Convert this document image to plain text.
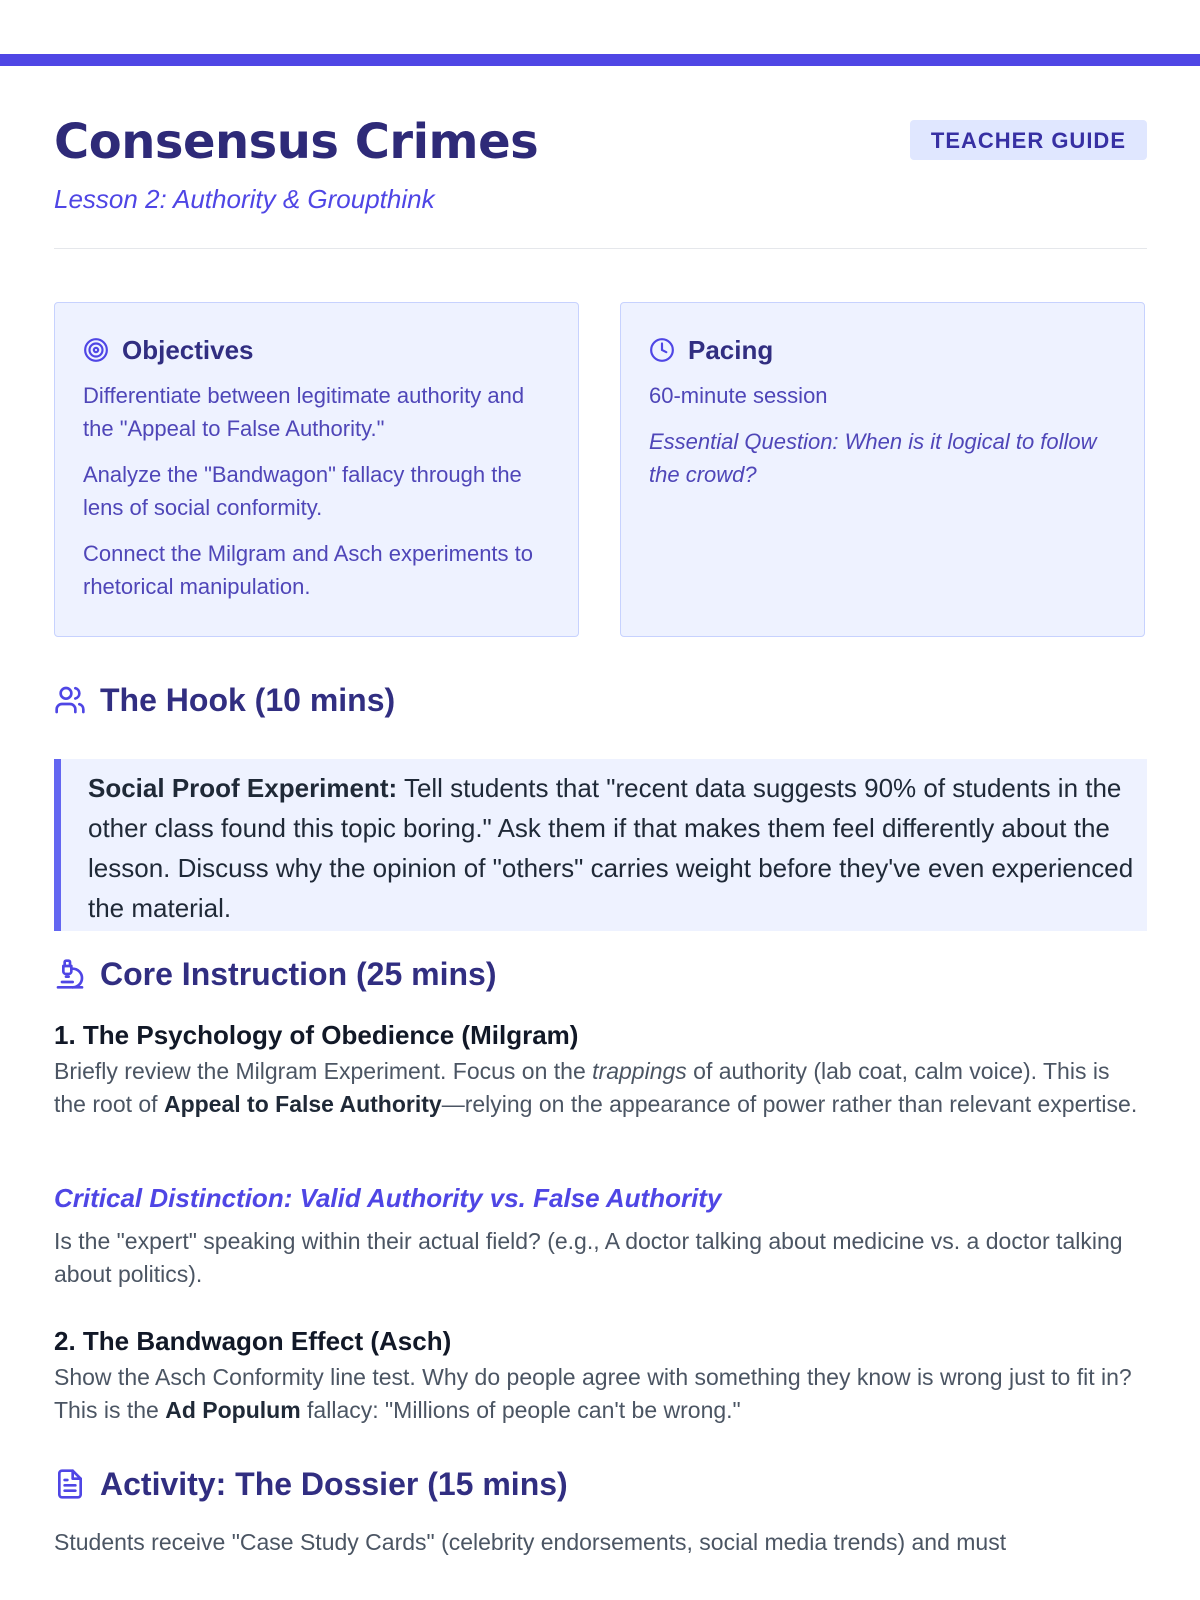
Consensus Crimes
Lesson 2: Authority & Groupthink
TEACHER GUIDE
Objectives

Differentiate between legitimate authority and the "Appeal to False Authority."

Analyze the "Bandwagon" fallacy through the lens of social conformity.

Connect the Milgram and Asch experiments to rhetorical manipulation.

Pacing

60-minute session

Essential Question: When is it logical to follow the crowd?

The Hook (10 mins)
Social Proof Experiment: Tell students that "recent data suggests 90% of students in the other class found this topic boring." Ask them if that makes them feel differently about the lesson. Discuss why the opinion of "others" carries weight before they've even experienced the material.
Core Instruction (25 mins)
1. The Psychology of Obedience (Milgram)
Briefly review the Milgram Experiment. Focus on the trappings of authority (lab coat, calm voice). This is the root of Appeal to False Authority—relying on the appearance of power rather than relevant expertise.
Critical Distinction: Valid Authority vs. False Authority
Is the "expert" speaking within their actual field? (e.g., A doctor talking about medicine vs. a doctor talking about politics).
2. The Bandwagon Effect (Asch)
Show the Asch Conformity line test. Why do people agree with something they know is wrong just to fit in? This is the Ad Populum fallacy: "Millions of people can't be wrong."
Activity: The Dossier (15 mins)
Students receive "Case Study Cards" (celebrity endorsements, social media trends) and must
